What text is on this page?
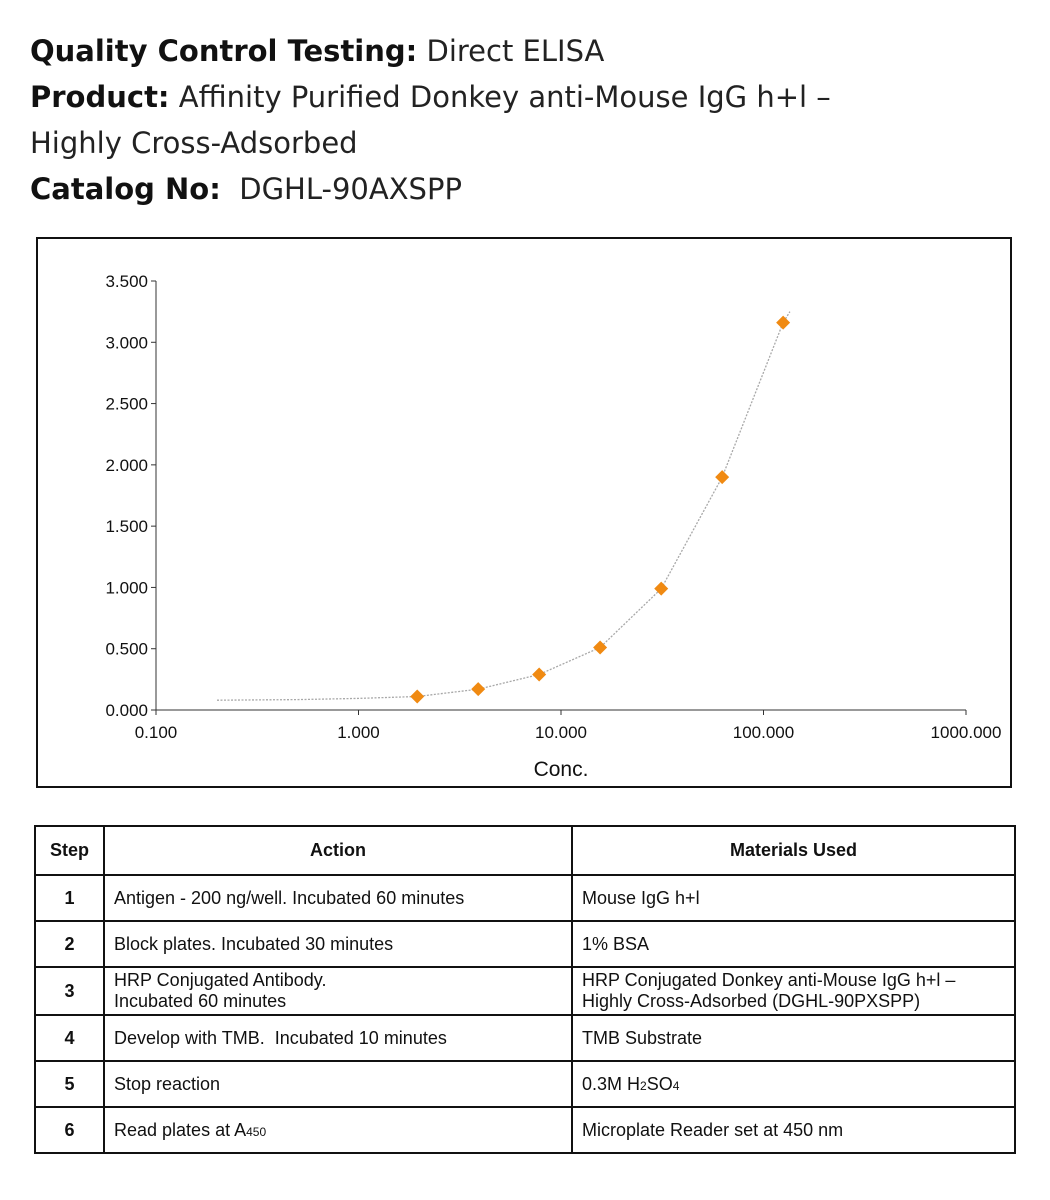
Quality Control Testing: Direct ELISA
Product: Affinity Purified Donkey anti-Mouse IgG h+l –
Highly Cross-Adsorbed
Catalog No: DGHL-90AXSPP
0.000
0.500
1.000
1.500
2.000
2.500
3.000
3.500
0.100	1.000	10.000	100.000	1000.000
Conc.
Step	Action	Materials Used
1	Antigen - 200 ng/well. Incubated 60 minutes	Mouse IgG h+l
2	Block plates. Incubated 30 minutes	1% BSA
3	HRP Conjugated Antibody.
Incubated 60 minutes	HRP Conjugated Donkey anti-Mouse IgG h+l –
Highly Cross-Adsorbed (DGHL-90PXSPP)

4	Develop with TMB.  Incubated 10 minutes	TMB Substrate
5	Stop reaction	0.3M H2SO4
6	Read plates at A450	Microplate Reader set at 450 nm
